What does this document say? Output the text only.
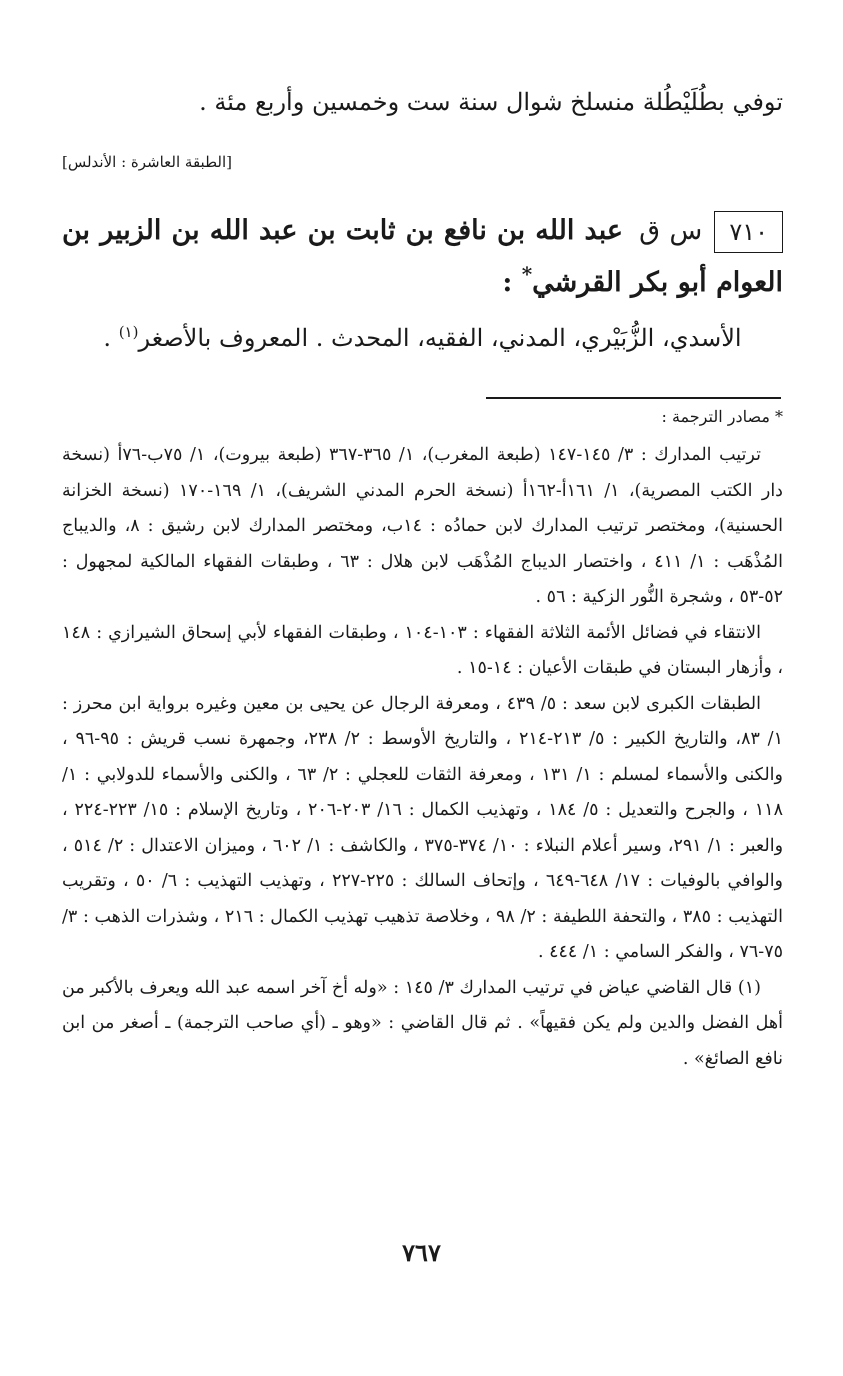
توفي بطُلَيْطُلة منسلخ شوال سنة ست وخمسين وأربع مئة .
[الطبقة العاشرة : الأندلس]
٧١٠س ق عبد الله بن نافع بن ثابت بن عبد الله بن الزبير بن العوام أبو بكر القرشي* :
الأسدي، الزُّبَيْري، المدني، الفقيه، المحدث . المعروف بالأصغر$^{(١)}$ .
* مصادر الترجمة :

ترتيب المدارك : ٣/ ١٤٥-١٤٧ (طبعة المغرب)، ١/ ٣٦٥-٣٦٧ (طبعة بيروت)، ١/ ٧٥ب-٧٦أ (نسخة دار الكتب المصرية)، ١/ ١٦١أ-١٦٢أ (نسخة الحرم المدني الشريف)، ١/ ١٦٩-١٧٠ (نسخة الخزانة الحسنية)، ومختصر ترتيب المدارك لابن حمادُه : ١٤ب، ومختصر المدارك لابن رشيق : ٨، والديباج المُذْهَب : ١/ ٤١١ ، واختصار الديباج المُذْهَب لابن هلال : ٦٣ ، وطبقات الفقهاء المالكية لمجهول : ٥٢-٥٣ ، وشجرة النُّور الزكية : ٥٦ .

الانتقاء في فضائل الأئمة الثلاثة الفقهاء : ١٠٣-١٠٤ ، وطبقات الفقهاء لأبي إسحاق الشيرازي : ١٤٨ ، وأزهار البستان في طبقات الأعيان : ١٤-١٥ .

الطبقات الكبرى لابن سعد : ٥/ ٤٣٩ ، ومعرفة الرجال عن يحيى بن معين وغيره برواية ابن محرز : ١/ ٨٣، والتاريخ الكبير : ٥/ ٢١٣-٢١٤ ، والتاريخ الأوسط : ٢/ ٢٣٨، وجمهرة نسب قريش : ٩٥-٩٦ ، والكنى والأسماء لمسلم : ١/ ١٣١ ، ومعرفة الثقات للعجلي : ٢/ ٦٣ ، والكنى والأسماء للدولابي : ١/ ١١٨ ، والجرح والتعديل : ٥/ ١٨٤ ، وتهذيب الكمال : ١٦/ ٢٠٣-٢٠٦ ، وتاريخ الإسلام : ١٥/ ٢٢٣-٢٢٤ ، والعبر : ١/ ٢٩١، وسير أعلام النبلاء : ١٠/ ٣٧٤-٣٧٥ ، والكاشف : ١/ ٦٠٢ ، وميزان الاعتدال : ٢/ ٥١٤ ، والوافي بالوفيات : ١٧/ ٦٤٨-٦٤٩ ، وإتحاف السالك : ٢٢٥-٢٢٧ ، وتهذيب التهذيب : ٦/ ٥٠ ، وتقريب التهذيب : ٣٨٥ ، والتحفة اللطيفة : ٢/ ٩٨ ، وخلاصة تذهيب تهذيب الكمال : ٢١٦ ، وشذرات الذهب : ٣/ ٧٥-٧٦ ، والفكر السامي : ١/ ٤٤٤ .

(١) قال القاضي عياض في ترتيب المدارك ٣/ ١٤٥ : «وله أخ آخر اسمه عبد الله ويعرف بالأكبر من أهل الفضل والدين ولم يكن فقيهاً» . ثم قال القاضي : «وهو ـ (أي صاحب الترجمة) ـ أصغر من ابن نافع الصائغ» .

٧٦٧
